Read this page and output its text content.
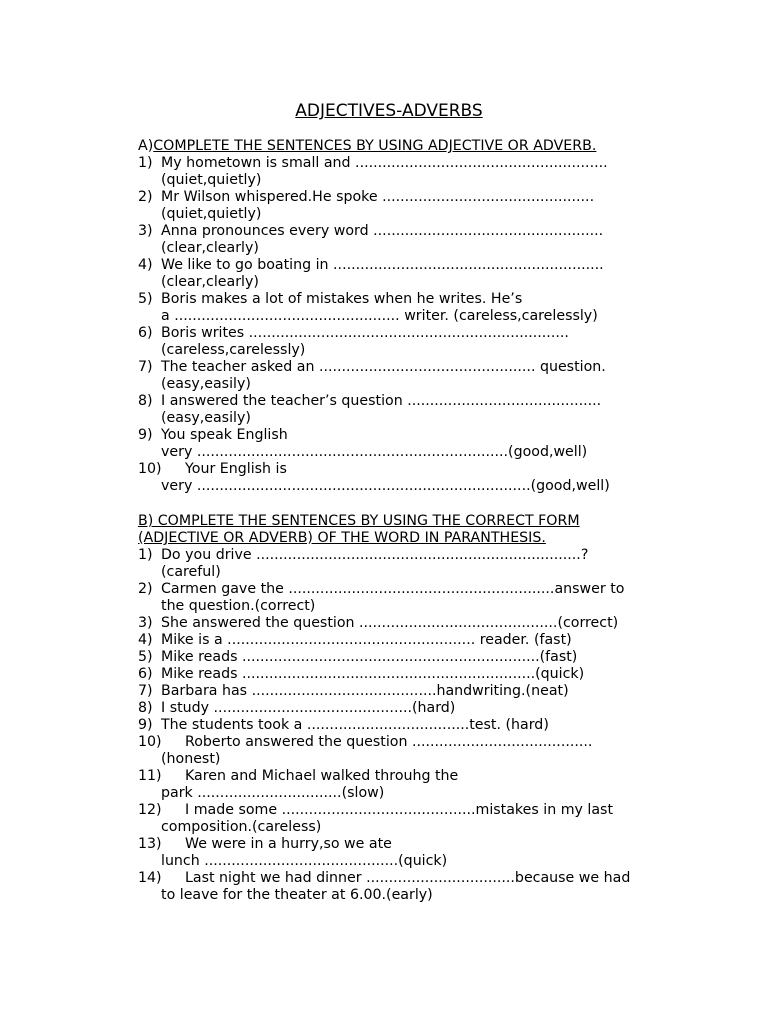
ADJECTIVES-ADVERBS
A)COMPLETE THE SENTENCES BY USING ADJECTIVE OR ADVERB.
1) My hometown is small and ........................................................
(quiet,quietly)
2) Mr Wilson whispered.He spoke ...............................................
(quiet,quietly)
3) Anna pronounces every word ...................................................
(clear,clearly)
4) We like to go boating in ............................................................
(clear,clearly)
5) Boris makes a lot of mistakes when he writes. He’s
a .................................................. writer. (careless,carelessly)
6) Boris writes .......................................................................
(careless,carelessly)
7) The teacher asked an ................................................ question.
(easy,easily)
8) I answered the teacher’s question ...........................................
(easy,easily)
9) You speak English
very .....................................................................(good,well)
10)	Your English is
very ..........................................................................(good,well)
B) COMPLETE THE SENTENCES BY USING THE CORRECT FORM
(ADJECTIVE OR ADVERB) OF THE WORD IN PARANTHESIS.
1) Do you drive ........................................................................?
(careful)
2) Carmen gave the ...........................................................answer to
the question.(correct)
3) She answered the question ............................................(correct)
4) Mike is a ....................................................... reader. (fast)
5) Mike reads ..................................................................(fast)
6) Mike reads .................................................................(quick)
7) Barbara has .........................................handwriting.(neat)
8) I study ............................................(hard)
9) The students took a ....................................test. (hard)
10)	Roberto answered the question ........................................
(honest)
11)	Karen and Michael walked throuhg the
park ................................(slow)
12)	I made some ...........................................mistakes in my last
composition.(careless)
13)	We were in a hurry,so we ate
lunch ...........................................(quick)
14)	Last night we had dinner .................................because we had
to leave for the theater at 6.00.(early)
